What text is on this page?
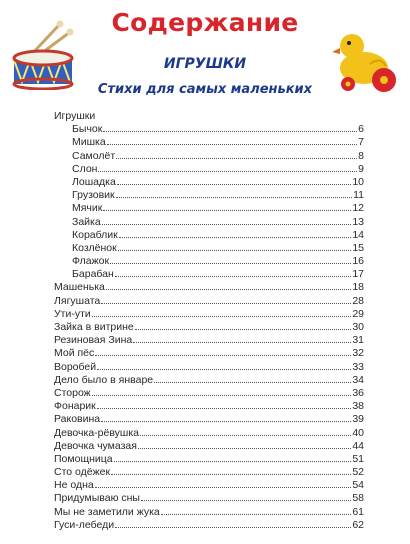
Содержание
ИГРУШКИ
Стихи для самых маленьких
Игрушки
Бычок	6
Мишка	7
Самолёт	8
Слон	9
Лошадка	10
Грузовик	11
Мячик	12
Зайка	13
Кораблик	14
Козлёнок	15
Флажок	16
Барабан	17
Машенька	18
Лягушата	28
Ути-ути	29
Зайка в витрине	30
Резиновая Зина	31
Мой пёс	32
Воробей	33
Дело было в январе	34
Сторож	36
Фонарик	38
Раковина	39
Девочка-рёвушка	40
Девочка чумазая	44
Помощница	51
Сто одёжек	52
Не одна	54
Придумываю сны	58
Мы не заметили жука	61
Гуси-лебеди	62
